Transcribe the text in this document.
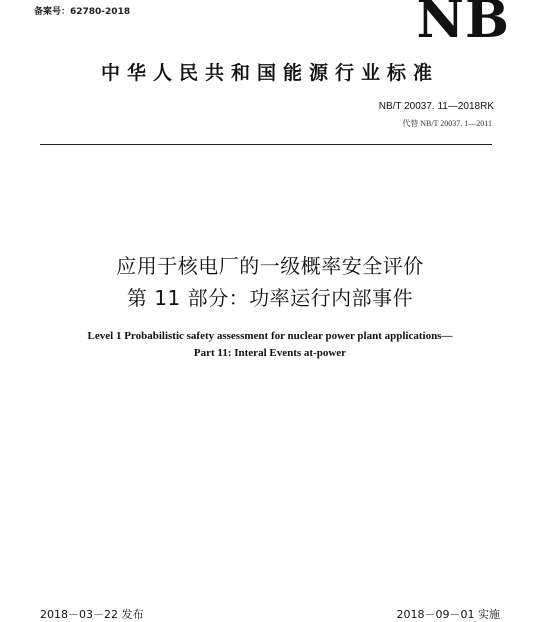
备案号：62780-2018	NB
中华人民共和国能源行业标准
NB/T 20037. 11—2018RK
代替 NB/T 20037. 1—2011
应用于核电厂的一级概率安全评价
第 11 部分：功率运行内部事件
Level 1 Probabilistic safety assessment for nuclear power plant applications—
Part 11: Interal Events at-power
2018－03－22 发布	2018－09－01 实施
